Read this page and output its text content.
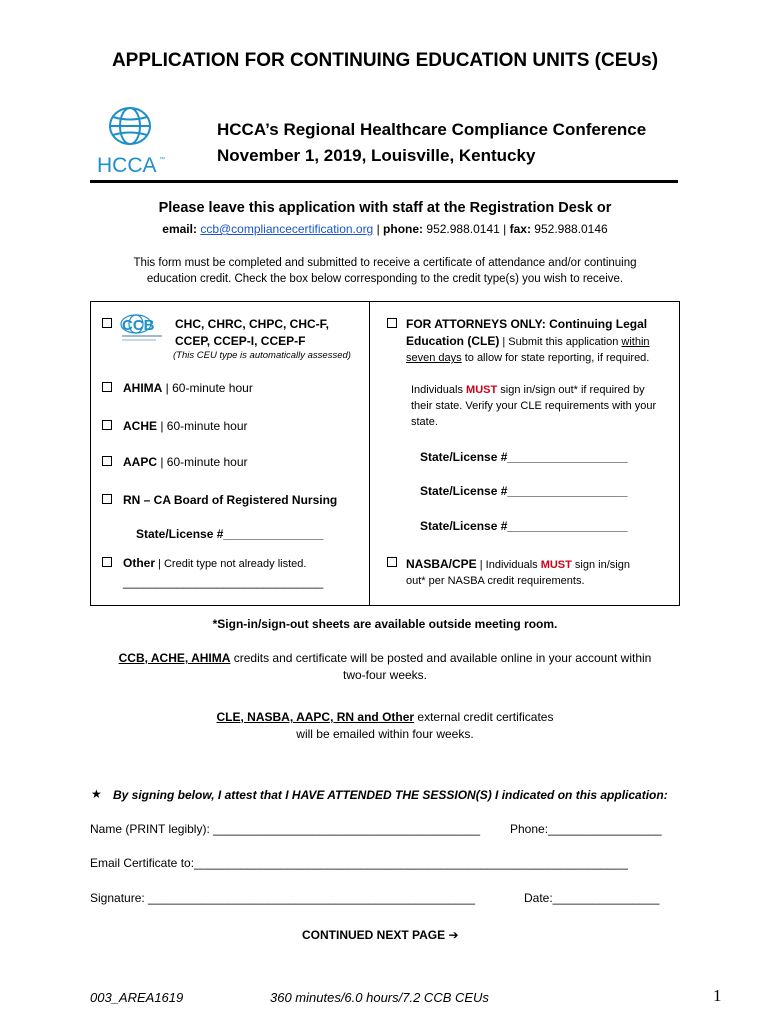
APPLICATION FOR CONTINUING EDUCATION UNITS (CEUs)
HCCA ™
HCCA’s Regional Healthcare Compliance Conference
November 1, 2019, Louisville, Kentucky
Please leave this application with staff at the Registration Desk or
email: ccb@compliancecertification.org | phone: 952.988.0141 | fax: 952.988.0146
This form must be completed and submitted to receive a certificate of attendance and/or continuing
education credit. Check the box below corresponding to the credit type(s) you wish to receive.
CCB CHC, CHRC, CHPC, CHC-F,
CCEP, CCEP-I, CCEP-F
(This CEU type is automatically assessed)
AHIMA | 60-minute hour
ACHE | 60-minute hour
AAPC | 60-minute hour
RN – CA Board of Registered Nursing
State/License #_______________
Other | Credit type not already listed.
______________________________
FOR ATTORNEYS ONLY: Continuing Legal
Education (CLE) | Submit this application within
seven days to allow for state reporting, if required.
Individuals MUST sign in/sign out* if required by
their state. Verify your CLE requirements with your
state.
State/License #__________________
State/License #__________________
State/License #__________________
NASBA/CPE | Individuals MUST sign in/sign
out* per NASBA credit requirements.
*Sign-in/sign-out sheets are available outside meeting room.
CCB, ACHE, AHIMA credits and certificate will be posted and available online in your account within
two-four weeks.
CLE, NASBA, AAPC, RN and Other external credit certificates
will be emailed within four weeks.
★ By signing below, I attest that I HAVE ATTENDED THE SESSION(S) I indicated on this application:
Name (PRINT legibly): ________________________________________ Phone:_________________
Email Certificate to:_________________________________________________________________
Signature: _________________________________________________	Date:________________
CONTINUED NEXT PAGE ➔
003_AREA1619	360 minutes/6.0 hours/7.2 CCB CEUs	1
